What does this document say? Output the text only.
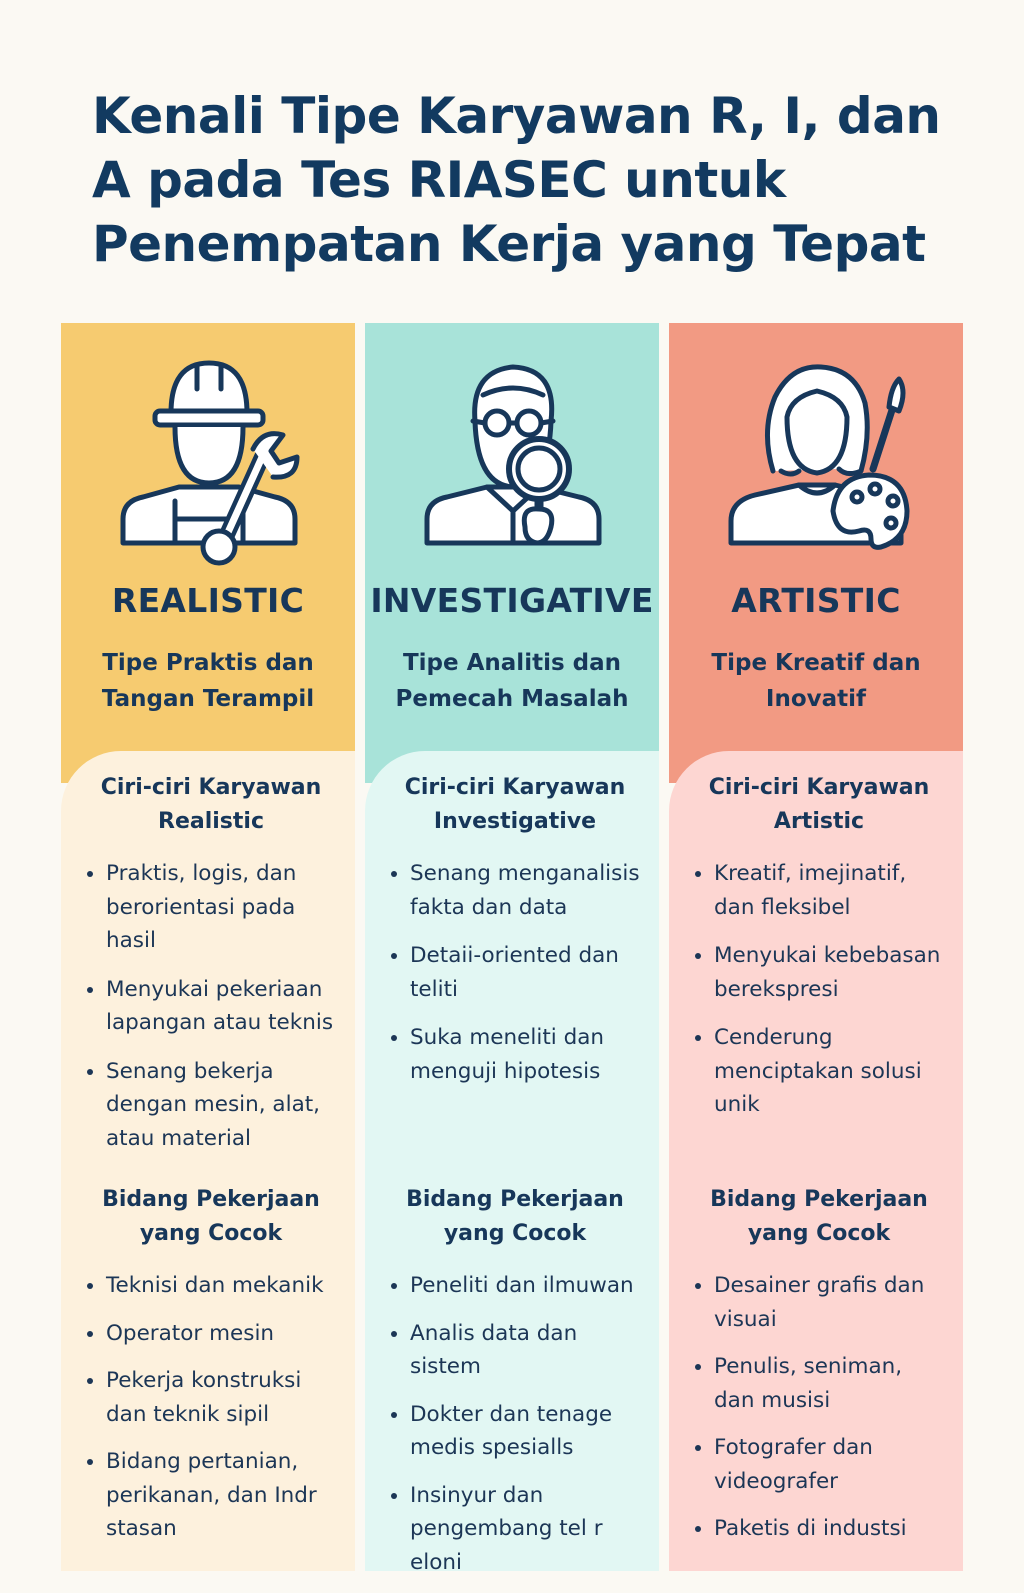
Kenali Tipe Karyawan R, I, dan A pada Tes RIASEC untuk Penempatan Kerja yang Tepat
REALISTIC
Tipe Praktis dan Tangan Terampil
Ciri-ciri Karyawan Realistic
Praktis, logis, dan berorientasi pada hasil
Menyukai pekeriaan lapangan atau teknis
Senang bekerja dengan mesin, alat, atau material
Bidang Pekerjaan yang Cocok
Teknisi dan mekanik
Operator mesin
Pekerja konstruksi dan teknik sipil
Bidang pertanian, perikanan, dan Indr stasan
INVESTIGATIVE
Tipe Analitis dan Pemecah Masalah
Ciri-ciri Karyawan Investigative
Senang menganalisis fakta dan data
Detaii-oriented dan teliti
Suka meneliti dan menguji hipotesis
Bidang Pekerjaan yang Cocok
Peneliti dan ilmuwan
Analis data dan sistem
Dokter dan tenage medis spesialls
Insinyur dan pengembang tel r eloni
ARTISTIC
Tipe Kreatif dan Inovatif
Ciri-ciri Karyawan Artistic
Kreatif, imejinatif, dan fleksibel
Menyukai kebebasan berekspresi
Cenderung menciptakan solusi unik
Bidang Pekerjaan yang Cocok
Desainer grafis dan visuai
Penulis, seniman, dan musisi
Fotografer dan videografer
Paketis di industsi
